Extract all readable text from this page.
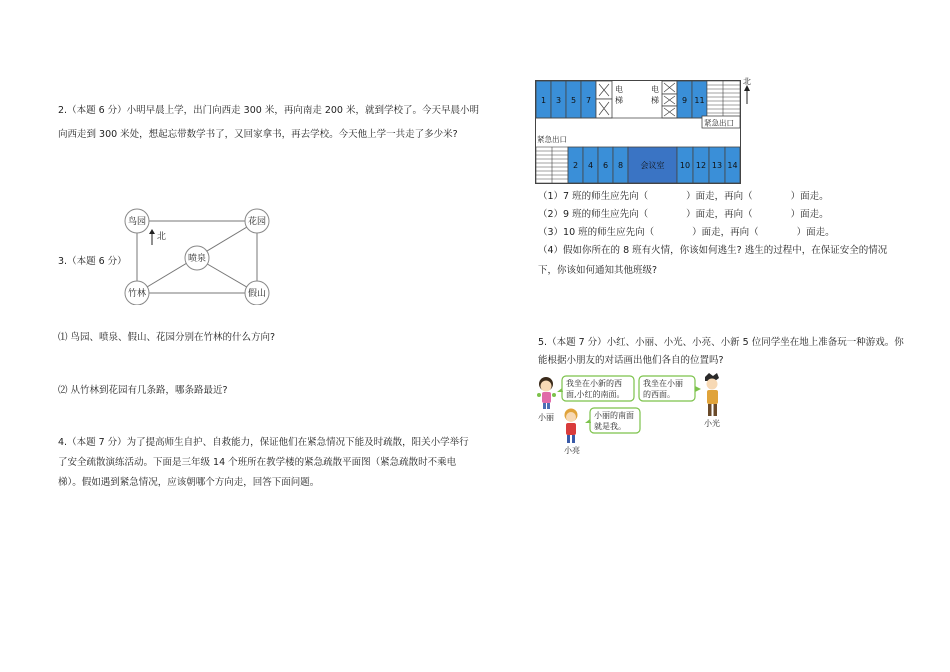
2.（本题 6 分）小明早晨上学，出门向西走 300 米，再向南走 200 米，就到学校了。今天早晨小明
向西走到 300 米处，想起忘带数学书了，又回家拿书，再去学校。今天他上学一共走了多少米?
3.（本题 6 分）
鸟园	花园
喷泉
竹林	假山
北
⑴ 鸟园、喷泉、假山、花园分别在竹林的什么方向?
⑵ 从竹林到花园有几条路，哪条路最近?
4.（本题 7 分）为了提高师生自护、自救能力，保证他们在紧急情况下能及时疏散，阳关小学举行
了安全疏散演练活动。下面是三年级 14 个班所在教学楼的紧急疏散平面图（紧急疏散时不乘电
梯）。假如遇到紧急情况，应该朝哪个方向走，回答下面问题。
电
梯
电
梯
紧急出口
紧急出口
1 3 5 7	9 11
2 4 6 8 会议室 10 12 13 14
北
（1）7 班的师生应先向（　　　　）面走，再向（　　　　）面走。
（2）9 班的师生应先向（　　　　）面走，再向（　　　　）面走。
（3）10 班的师生应先向（　　　　）面走，再向（　　　　）面走。
（4）假如你所在的 8 班有火情，你该如何逃生? 逃生的过程中，在保证安全的情况
下，你该如何通知其他班级?
5.（本题 7 分）小红、小丽、小光、小亮、小新 5 位同学坐在地上准备玩一种游戏。你
能根据小朋友的对话画出他们各自的位置吗?
小丽
我坐在小新的西
面,小红的南面。
我坐在小丽
的西面。
小丽的南面
就是我。
小亮
小光
